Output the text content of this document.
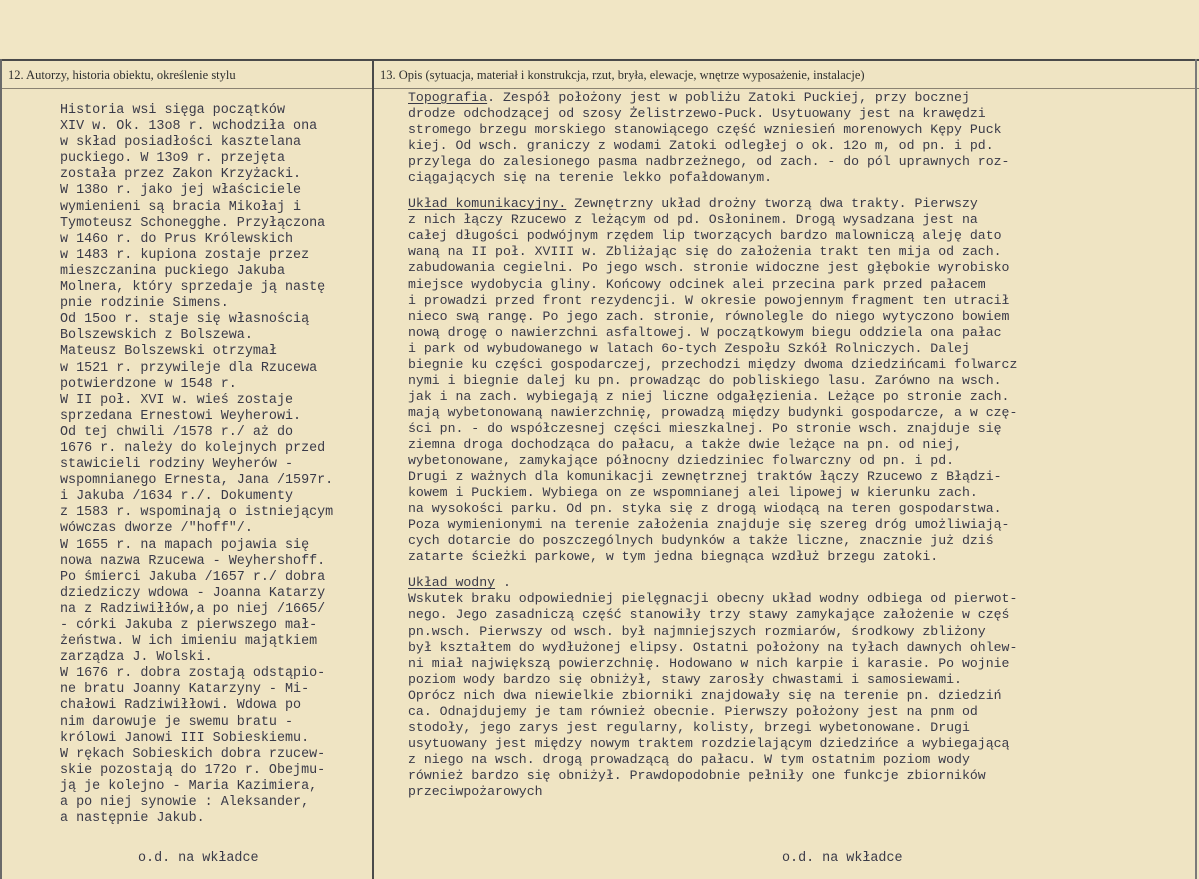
12. Autorzy, historia obiektu, określenie stylu	13. Opis (sytuacja, materiał i konstrukcja, rzut, bryła, elewacje, wnętrze wyposażenie, instalacje)
Historia wsi sięga początków
XIV w. Ok. 13o8 r. wchodziła ona
w skład posiadłości kasztelana
puckiego. W 13o9 r. przejęta
została przez Zakon Krzyżacki.
W 138o r. jako jej właściciele
wymienieni są bracia Mikołaj i
Tymoteusz Schonegghe. Przyłączona
w 146o r. do Prus Królewskich
w 1483 r. kupiona zostaje przez
mieszczanina puckiego Jakuba
Molnera, który sprzedaje ją nastę
pnie rodzinie Simens.
Od 15oo r. staje się własnością
Bolszewskich z Bolszewa.
Mateusz Bolszewski otrzymał
w 1521 r. przywileje dla Rzucewa
potwierdzone w 1548 r.
W II poł. XVI w. wieś zostaje
sprzedana Ernestowi Weyherowi.
Od tej chwili /1578 r./ aż do
1676 r. należy do kolejnych przed
stawicieli rodziny Weyherów -
wspomnianego Ernesta, Jana /1597r.
i Jakuba /1634 r./. Dokumenty
z 1583 r. wspominają o istniejącym
wówczas dworze /"hoff"/.
W 1655 r. na mapach pojawia się
nowa nazwa Rzucewa - Weyhershoff.
Po śmierci Jakuba /1657 r./ dobra
dziedziczy wdowa - Joanna Katarzy
na z Radziwiłłów,a po niej /1665/
- córki Jakuba z pierwszego mał-
żeństwa. W ich imieniu majątkiem
zarządza J. Wolski.
W 1676 r. dobra zostają odstąpio-
ne bratu Joanny Katarzyny - Mi-
chałowi Radziwiłłowi. Wdowa po
nim darowuje je swemu bratu -
królowi Janowi III Sobieskiemu.
W rękach Sobieskich dobra rzucew-
skie pozostają do 172o r. Obejmu-
ją je kolejno - Maria Kazimiera,
a po niej synowie : Aleksander,
a następnie Jakub.
Topografia. Zespół położony jest w pobliżu Zatoki Puckiej, przy bocznej
drodze odchodzącej od szosy Żelistrzewo-Puck. Usytuowany jest na krawędzi
stromego brzegu morskiego stanowiącego część wzniesień morenowych Kępy Puck
kiej. Od wsch. graniczy z wodami Zatoki odległej o ok. 12o m, od pn. i pd.
przylega do zalesionego pasma nadbrzeżnego, od zach. - do pól uprawnych roz-
ciągających się na terenie lekko pofałdowanym.
Układ komunikacyjny. Zewnętrzny układ drożny tworzą dwa trakty. Pierwszy
z nich łączy Rzucewo z leżącym od pd. Osłoninem. Drogą wysadzana jest na
całej długości podwójnym rzędem lip tworzących bardzo malowniczą aleję dato
waną na II poł. XVIII w. Zbliżając się do założenia trakt ten mija od zach.
zabudowania cegielni. Po jego wsch. stronie widoczne jest głębokie wyrobisko
miejsce wydobycia gliny. Końcowy odcinek alei przecina park przed pałacem
i prowadzi przed front rezydencji. W okresie powojennym fragment ten utracił
nieco swą rangę. Po jego zach. stronie, równolegle do niego wytyczono bowiem
nową drogę o nawierzchni asfaltowej. W początkowym biegu oddziela ona pałac
i park od wybudowanego w latach 6o-tych Zespołu Szkół Rolniczych. Dalej
biegnie ku części gospodarczej, przechodzi między dwoma dziedzińcami folwarcz
nymi i biegnie dalej ku pn. prowadząc do pobliskiego lasu. Zarówno na wsch.
jak i na zach. wybiegają z niej liczne odgałęzienia. Leżące po stronie zach.
mają wybetonowaną nawierzchnię, prowadzą między budynki gospodarcze, a w czę-
ści pn. - do współczesnej części mieszkalnej. Po stronie wsch. znajduje się
ziemna droga dochodząca do pałacu, a także dwie leżące na pn. od niej,
wybetonowane, zamykające północny dziedziniec folwarczny od pn. i pd.
Drugi z ważnych dla komunikacji zewnętrznej traktów łączy Rzucewo z Błądzi-
kowem i Puckiem. Wybiega on ze wspomnianej alei lipowej w kierunku zach.
na wysokości parku. Od pn. styka się z drogą wiodącą na teren gospodarstwa.
Poza wymienionymi na terenie założenia znajduje się szereg dróg umożliwiają-
cych dotarcie do poszczególnych budynków a także liczne, znacznie już dziś
zatarte ścieżki parkowe, w tym jedna biegnąca wzdłuż brzegu zatoki.
Układ wodny .
Wskutek braku odpowiedniej pielęgnacji obecny układ wodny odbiega od pierwot-
nego. Jego zasadniczą część stanowiły trzy stawy zamykające założenie w częś
pn.wsch. Pierwszy od wsch. był najmniejszych rozmiarów, środkowy zbliżony
był kształtem do wydłużonej elipsy. Ostatni położony na tyłach dawnych ohlew-
ni miał największą powierzchnię. Hodowano w nich karpie i karasie. Po wojnie
poziom wody bardzo się obniżył, stawy zarosły chwastami i samosiewami.
Oprócz nich dwa niewielkie zbiorniki znajdowały się na terenie pn. dziedziń
ca. Odnajdujemy je tam również obecnie. Pierwszy położony jest na pnm od
stodoły, jego zarys jest regularny, kolisty, brzegi wybetonowane. Drugi
usytuowany jest między nowym traktem rozdzielającym dziedzińce a wybiegającą
z niego na wsch. drogą prowadzącą do pałacu. W tym ostatnim poziom wody
również bardzo się obniżył. Prawdopodobnie pełniły one funkcje zbiorników
przeciwpożarowych
o.d. na wkładce	o.d. na wkładce
